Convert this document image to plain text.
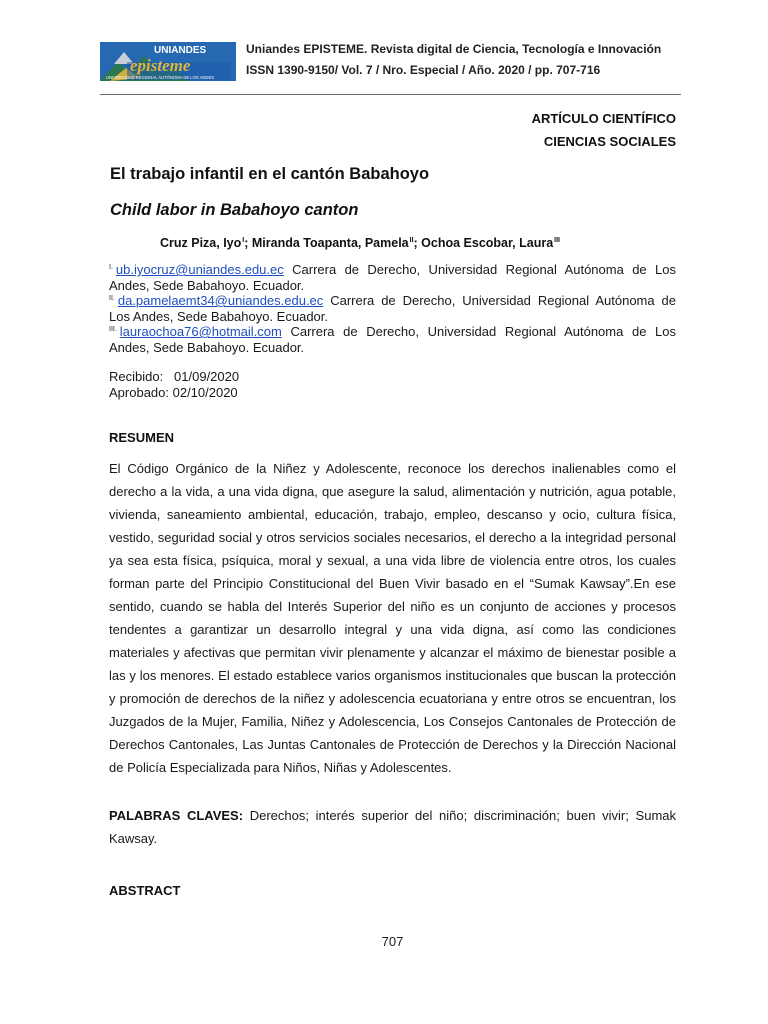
UNIANDES
episteme
UNIVERSIDAD REGIONAL AUTÓNOMA DE LOS ANDES
Uniandes EPISTEME. Revista digital de Ciencia, Tecnología e Innovación
ISSN 1390-9150/ Vol. 7 / Nro. Especial / Año. 2020 / pp. 707-716
ARTÍCULO CIENTÍFICO
CIENCIAS SOCIALES
El trabajo infantil en el cantón Babahoyo
Child labor in Babahoyo canton
Cruz Piza, Iyo$^I$; Miranda Toapanta, Pamela$^{II}$; Ochoa Escobar, Laura$^{III}$
$^{I.}$ ub.iyocruz@uniandes.edu.ec Carrera de Derecho, Universidad Regional Autónoma de Los Andes, Sede Babahoyo. Ecuador.
$^{II.}$ da.pamelaemt34@uniandes.edu.ec Carrera de Derecho, Universidad Regional Autónoma de Los Andes, Sede Babahoyo. Ecuador.
$^{III.}$ lauraochoa76@hotmail.com Carrera de Derecho, Universidad Regional Autónoma de Los Andes, Sede Babahoyo. Ecuador.
Recibido:   01/09/2020
Aprobado: 02/10/2020
RESUMEN
El Código Orgánico de la Niñez y Adolescente, reconoce los derechos inalienables como el derecho a la vida, a una vida digna, que asegure la salud, alimentación y nutrición, agua potable, vivienda, saneamiento ambiental, educación, trabajo, empleo, descanso y ocio, cultura física, vestido, seguridad social y otros servicios sociales necesarios, el derecho a la integridad personal ya sea esta física, psíquica, moral y sexual, a una vida libre de violencia entre otros, los cuales forman parte del Principio Constitucional del Buen Vivir basado en el “Sumak Kawsay”.En ese sentido, cuando se habla del Interés Superior del niño es un conjunto de acciones y procesos tendentes a garantizar un desarrollo integral y una vida digna, así como las condiciones materiales y afectivas que permitan vivir plenamente y alcanzar el máximo de bienestar posible a las y los menores. El estado establece varios organismos institucionales que buscan la protección y promoción de derechos de la niñez y adolescencia ecuatoriana y entre otros se encuentran, los Juzgados de la Mujer, Familia, Niñez y Adolescencia, Los Consejos Cantonales de Protección de Derechos Cantonales, Las Juntas Cantonales de Protección de Derechos y la Dirección Nacional de Policía Especializada para Niños, Niñas y Adolescentes.
PALABRAS CLAVES: Derechos; interés superior del niño; discriminación; buen vivir; Sumak Kawsay.
ABSTRACT
707
